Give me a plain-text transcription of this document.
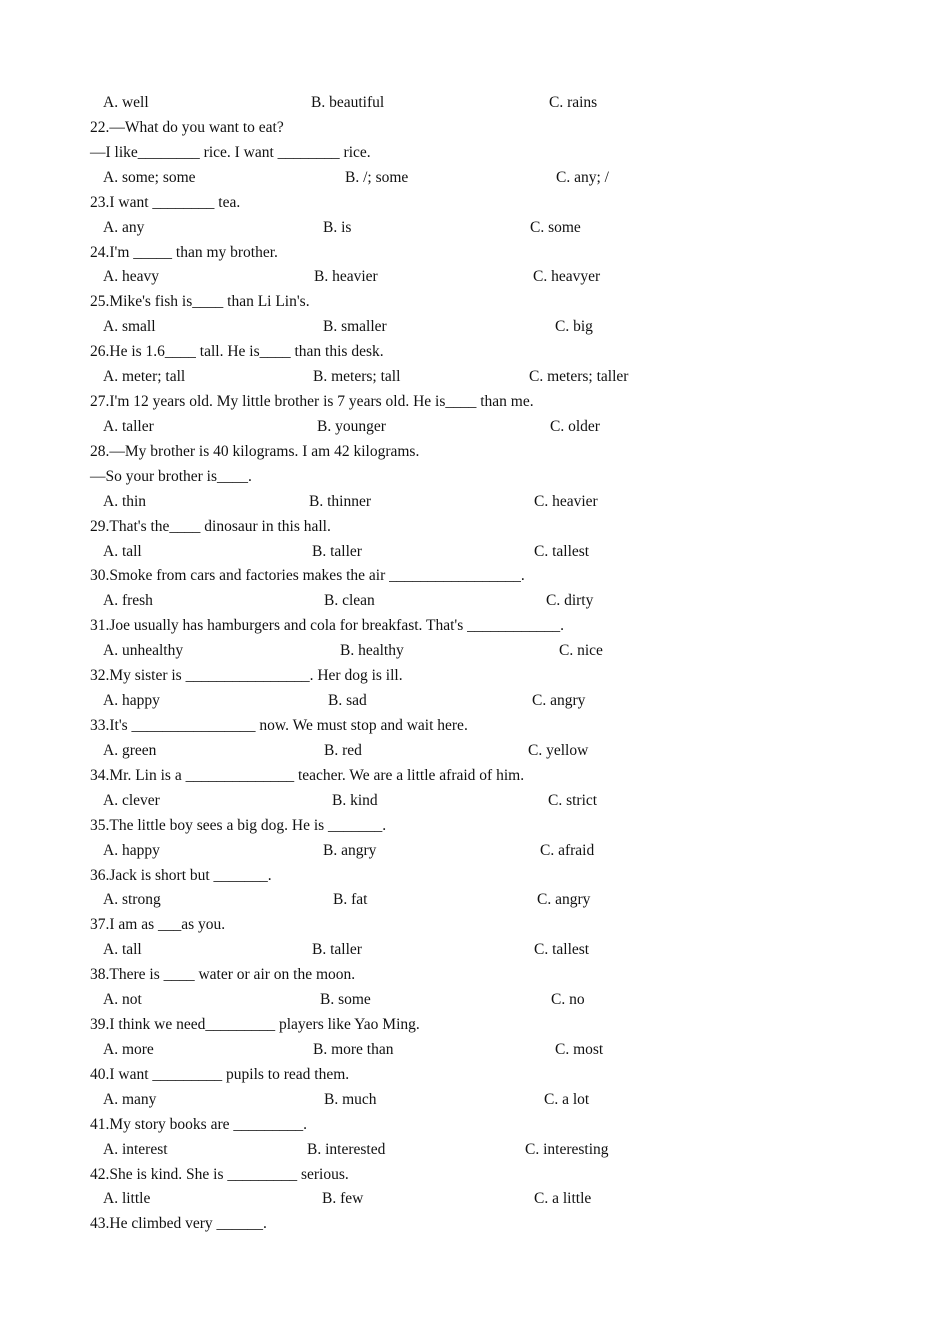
A. well	B. beautiful	C. rains
22.—What do you want to eat?
—I like________ rice. I want ________ rice.
A. some; some	B. /; some	C. any; /
23.I want ________ tea.
A. any	B. is	C. some
24.I'm _____ than my brother.
A. heavy	B. heavier	C. heavyer
25.Mike's fish is____ than Li Lin's.
A. small	B. smaller	C. big
26.He is 1.6____ tall. He is____ than this desk.
A. meter; tall	B. meters; tall	C. meters; taller
27.I'm 12 years old. My little brother is 7 years old. He is____ than me.
A. taller	B. younger	C. older
28.—My brother is 40 kilograms. I am 42 kilograms.
—So your brother is____.
A. thin	B. thinner	C. heavier
29.That's the____ dinosaur in this hall.
A. tall	B. taller	C. tallest
30.Smoke from cars and factories makes the air _________________.
A. fresh	B. clean	C. dirty
31.Joe usually has hamburgers and cola for breakfast. That's ____________.
A. unhealthy	B. healthy	C. nice
32.My sister is ________________. Her dog is ill.
A. happy	B. sad	C. angry
33.It's ________________ now. We must stop and wait here.
A. green	B. red	C. yellow
34.Mr. Lin is a ______________ teacher. We are a little afraid of him.
A. clever	B. kind	C. strict
35.The little boy sees a big dog. He is _______.
A. happy	B. angry	C. afraid
36.Jack is short but _______.
A. strong	B. fat	C. angry
37.I am as ___as you.
A. tall	B. taller	C. tallest
38.There is ____ water or air on the moon.
A. not	B. some	C. no
39.I think we need_________ players like Yao Ming.
A. more	B. more than	C. most
40.I want _________ pupils to read them.
A. many	B. much	C. a lot
41.My story books are _________.
A. interest	B. interested	C. interesting
42.She is kind. She is _________ serious.
A. little	B. few	C. a little
43.He climbed very ______.
